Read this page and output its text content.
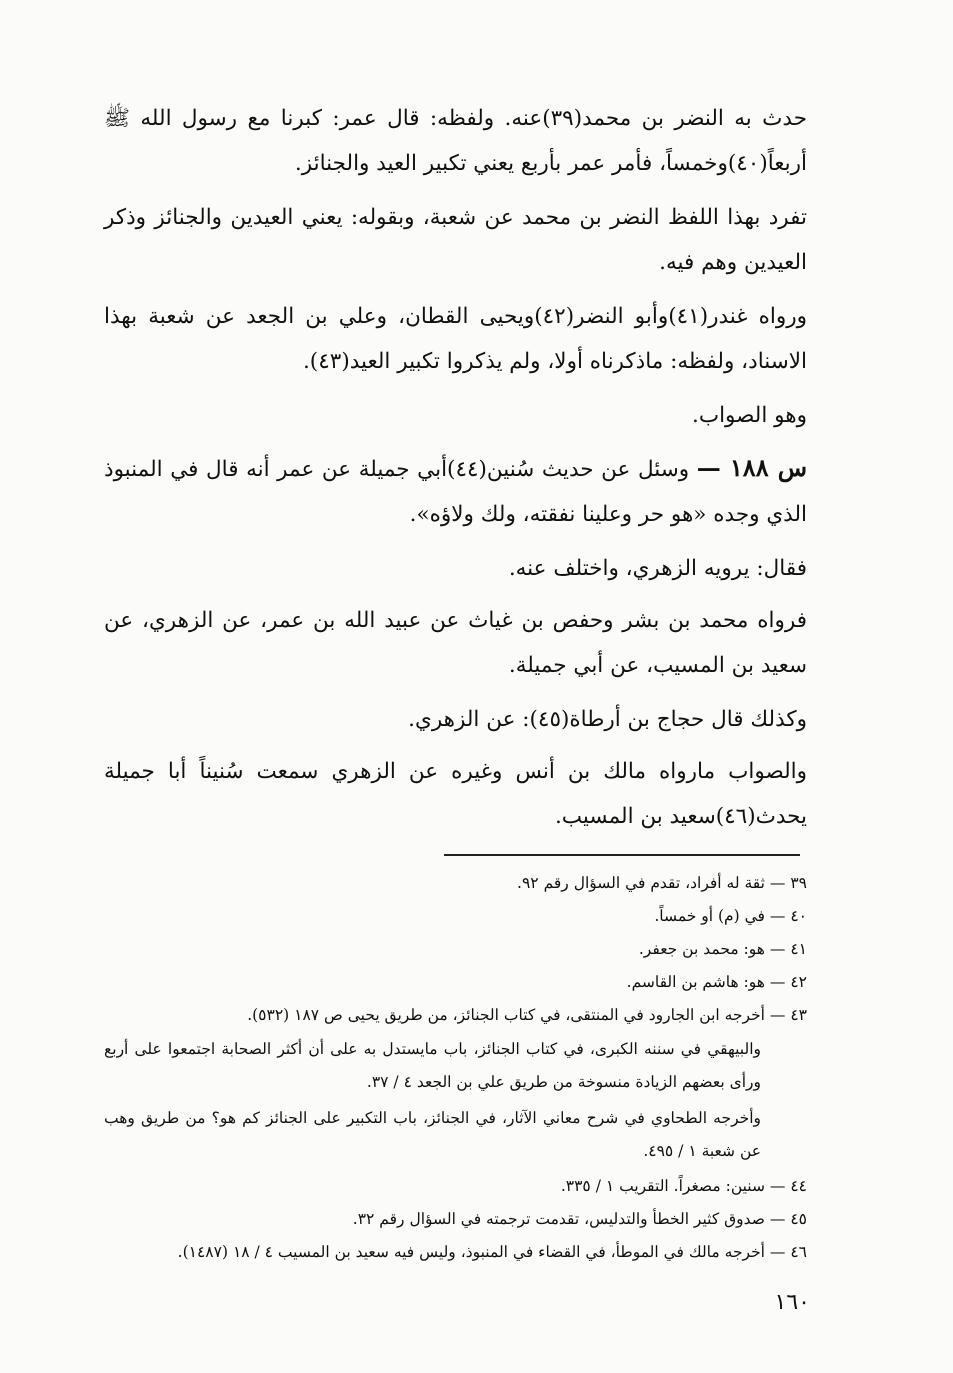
حدث به النضر بن محمد(٣٩)عنه. ولفظه: قال عمر: كبرنا مع رسول الله ﷺ أربعاً(٤٠)وخمساً، فأمر عمر بأربع يعني تكبير العيد والجنائز.

تفرد بهذا اللفظ النضر بن محمد عن شعبة، وبقوله: يعني العيدين والجنائز وذكر العيدين وهم فيه.

ورواه غندر(٤١)وأبو النضر(٤٢)ويحيى القطان، وعلي بن الجعد عن شعبة بهذا الاسناد، ولفظه: ماذكرناه أولا، ولم يذكروا تكبير العيد(٤٣).

وهو الصواب.

س ١٨٨ — وسئل عن حديث سُنين(٤٤)أبي جميلة عن عمر أنه قال في المنبوذ الذي وجده «هو حر وعلينا نفقته، ولك ولاؤه».

فقال: يرويه الزهري، واختلف عنه.

فرواه محمد بن بشر وحفص بن غياث عن عبيد الله بن عمر، عن الزهري، عن سعيد بن المسيب، عن أبي جميلة.

وكذلك قال حجاج بن أرطاة(٤٥): عن الزهري.

والصواب مارواه مالك بن أنس وغيره عن الزهري سمعت سُنيناً أبا جميلة يحدث(٤٦)سعيد بن المسيب.

٣٩ — ثقة له أفراد، تقدم في السؤال رقم ٩٢.

٤٠ — في (م) أو خمساً.

٤١ — هو: محمد بن جعفر.

٤٢ — هو: هاشم بن القاسم.

٤٣ — أخرجه ابن الجارود في المنتقى، في كتاب الجنائز، من طريق يحيى ص ١٨٧ (٥٣٢).

والبيهقي في سننه الكبرى، في كتاب الجنائز، باب مايستدل به على أن أكثر الصحابة اجتمعوا على أربع ورأى بعضهم الزيادة منسوخة من طريق علي بن الجعد ٤ / ٣٧.

وأخرجه الطحاوي في شرح معاني الآثار، في الجنائز، باب التكبير على الجنائز كم هو؟ من طريق وهب عن شعبة ١ / ٤٩٥.

٤٤ — سنين: مصغراً. التقريب ١ / ٣٣٥.

٤٥ — صدوق كثير الخطأ والتدليس، تقدمت ترجمته في السؤال رقم ٣٢.

٤٦ — أخرجه مالك في الموطأ، في القضاء في المنبوذ، وليس فيه سعيد بن المسيب ٤ / ١٨ (١٤٨٧).

١٦٠
